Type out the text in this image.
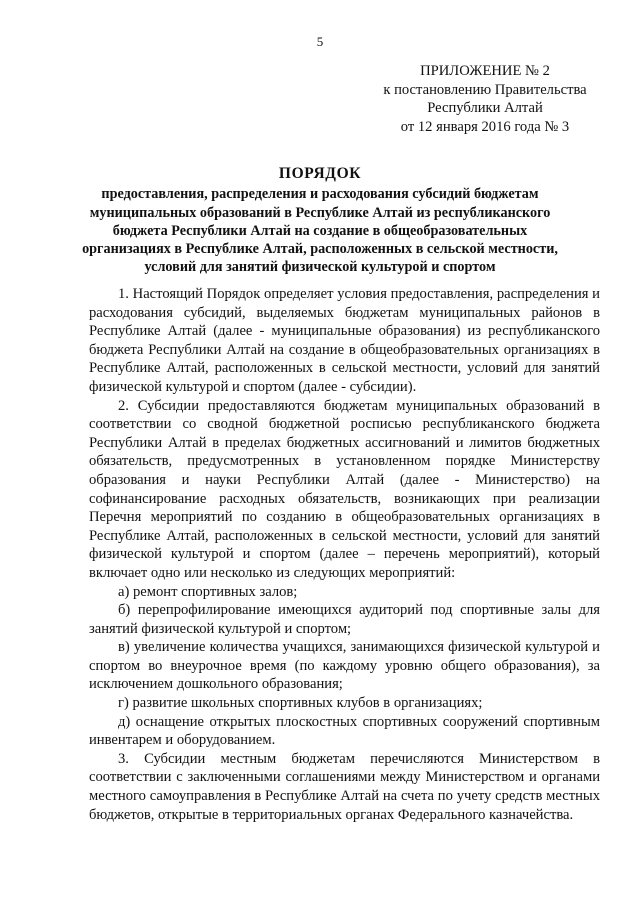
5
ПРИЛОЖЕНИЕ № 2
к постановлению Правительства
Республики Алтай
от 12 января 2016 года № 3
ПОРЯДОК
предоставления, распределения и расходования субсидий бюджетам муниципальных образований в Республике Алтай из республиканского бюджета Республики Алтай на создание в общеобразовательных организациях в Республике Алтай, расположенных в сельской местности, условий для занятий физической культурой и спортом

1. Настоящий Порядок определяет условия предоставления, распределения и расходования субсидий, выделяемых бюджетам муниципальных районов в Республике Алтай (далее - муниципальные образования) из республиканского бюджета Республики Алтай на создание в общеобразовательных организациях в Республике Алтай, расположенных в сельской местности, условий для занятий физической культурой и спортом (далее - субсидии).

2. Субсидии предоставляются бюджетам муниципальных образований в соответствии со сводной бюджетной росписью республиканского бюджета Республики Алтай в пределах бюджетных ассигнований и лимитов бюджетных обязательств, предусмотренных в установленном порядке Министерству образования и науки Республики Алтай (далее - Министерство) на софинансирование расходных обязательств, возникающих при реализации Перечня мероприятий по созданию в общеобразовательных организациях в Республике Алтай, расположенных в сельской местности, условий для занятий физической культурой и спортом (далее – перечень мероприятий), который включает одно или несколько из следующих мероприятий:

а) ремонт спортивных залов;

б) перепрофилирование имеющихся аудиторий под спортивные залы для занятий физической культурой и спортом;

в) увеличение количества учащихся, занимающихся физической культурой и спортом во внеурочное время (по каждому уровню общего образования), за исключением дошкольного образования;

г) развитие школьных спортивных клубов в организациях;

д) оснащение открытых плоскостных спортивных сооружений спортивным инвентарем и оборудованием.

3. Субсидии местным бюджетам перечисляются Министерством в соответствии с заключенными соглашениями между Министерством и органами местного самоуправления в Республике Алтай на счета по учету средств местных бюджетов, открытые в территориальных органах Федерального казначейства.
